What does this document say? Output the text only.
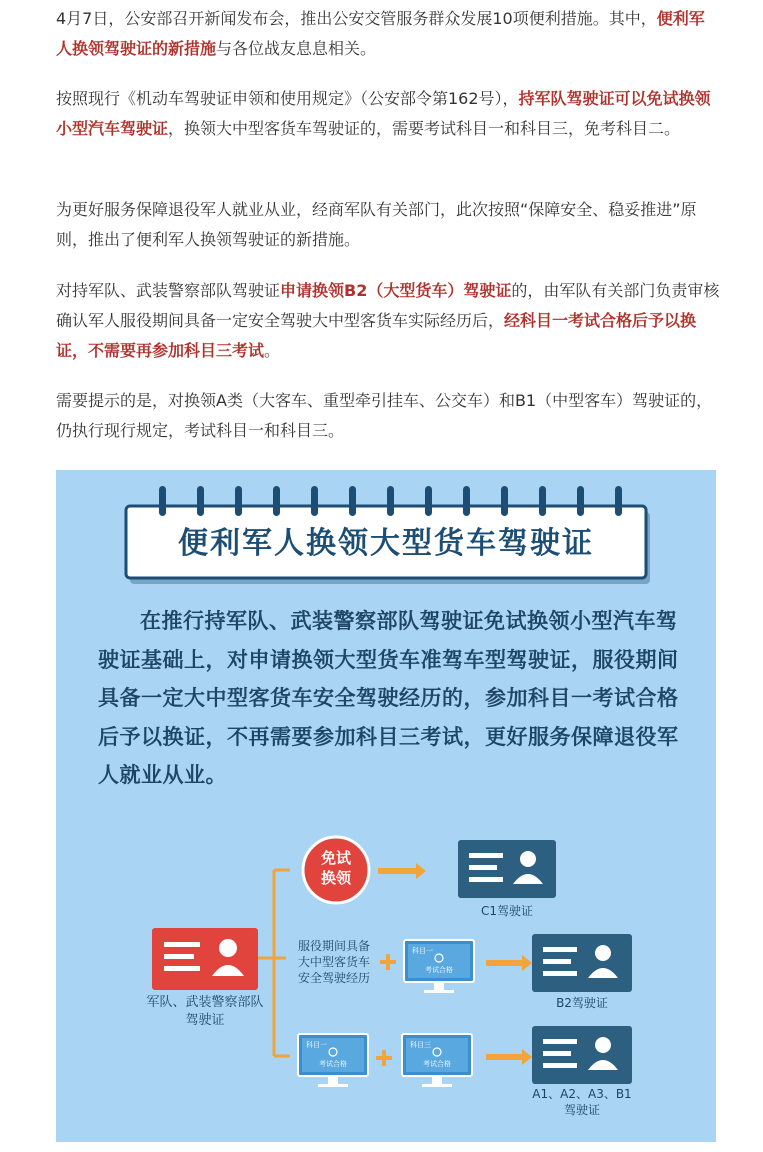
4月7日，公安部召开新闻发布会，推出公安交管服务群众发展10项便利措施。其中，便利军人换领驾驶证的新措施与各位战友息息相关。

按照现行《机动车驾驶证申领和使用规定》（公安部令第162号），持军队驾驶证可以免试换领小型汽车驾驶证，换领大中型客货车驾驶证的，需要考试科目一和科目三，免考科目二。

为更好服务保障退役军人就业从业，经商军队有关部门，此次按照“保障安全、稳妥推进”原则，推出了便利军人换领驾驶证的新措施。

对持军队、武装警察部队驾驶证申请换领B2（大型货车）驾驶证的，由军队有关部门负责审核确认军人服役期间具备一定安全驾驶大中型客货车实际经历后，经科目一考试合格后予以换证，不需要再参加科目三考试。

需要提示的是，对换领A类（大客车、重型牵引挂车、公交车）和B1（中型客车）驾驶证的，仍执行现行规定，考试科目一和科目三。

军队、武装警察部队
驾驶证
免试
换领
C1驾驶证
服役期间具备
大中型客货车
安全驾驶经历
科目一
考试合格
B2驾驶证
科目一
考试合格
科目三
考试合格
A1、A2、A3、B1
驾驶证
便利军人换领大型货车驾驶证

在推行持军队、武装警察部队驾驶证免试换领小型汽车驾驶证基础上，对申请换领大型货车准驾车型驾驶证，服役期间具备一定大中型客货车安全驾驶经历的，参加科目一考试合格后予以换证，不再需要参加科目三考试，更好服务保障退役军人就业从业。
